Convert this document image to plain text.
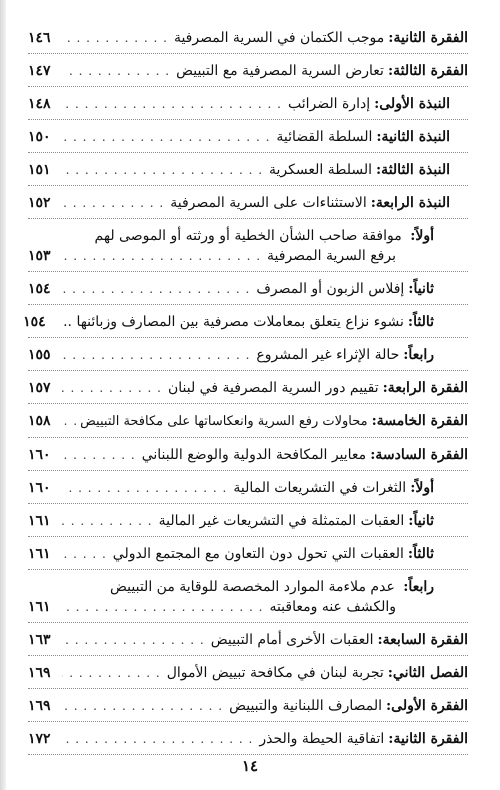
الفقرة الثانية:
موجب الكتمان في السرية المصرفية
. . .
١٤٦
الفقرة الثالثة:
تعارض السرية المصرفية مع التبييض
. . .
١٤٧
النبذة الأولى:
إدارة الضرائب
. . .
١٤٨
النبذة الثانية:
السلطة القضائية
. . .
١٥٠
النبذة الثالثة:
السلطة العسكرية
. . .
١٥١
النبذة الرابعة:
الاستثناءات على السرية المصرفية
. . .
١٥٢
أولاً: موافقة صاحب الشأن الخطية أو ورثته أو الموصى لهم
برفع السرية المصرفية
. . .
١٥٣
ثانياً:
إفلاس الزبون أو المصرف
. . .
١٥٤
ثالثاً:
نشوء نزاع يتعلق بمعاملات مصرفية بين المصارف وزبائنها ..
١٥٤
رابعاً:
حالة الإثراء غير المشروع
. . .
١٥٥
الفقرة الرابعة:
تقييم دور السرية المصرفية في لبنان
. . .
١٥٧
الفقرة الخامسة:
محاولات رفع السرية وانعكاساتها على مكافحة التبييض
. . .
١٥٨
الفقرة السادسة:
معايير المكافحة الدولية والوضع اللبناني
. . .
١٦٠
أولاً:
الثغرات في التشريعات المالية
. . .
١٦٠
ثانياً:
العقبات المتمثلة في التشريعات غير المالية
. . .
١٦١
ثالثاً:
العقبات التي تحول دون التعاون مع المجتمع الدولي
. . .
١٦١
رابعاً: عدم ملاءمة الموارد المخصصة للوقاية من التبييض
والكشف عنه ومعاقبته
. . .
١٦١
الفقرة السابعة:
العقبات الأخرى أمام التبييض
. . .
١٦٣
الفصل الثاني:
تجربة لبنان في مكافحة تبييض الأموال
. . .
١٦٩
الفقرة الأولى:
المصارف اللبنانية والتبييض
. . .
١٦٩
الفقرة الثانية:
اتفاقية الحيطة والحذر
. . .
١٧٢
١٤
